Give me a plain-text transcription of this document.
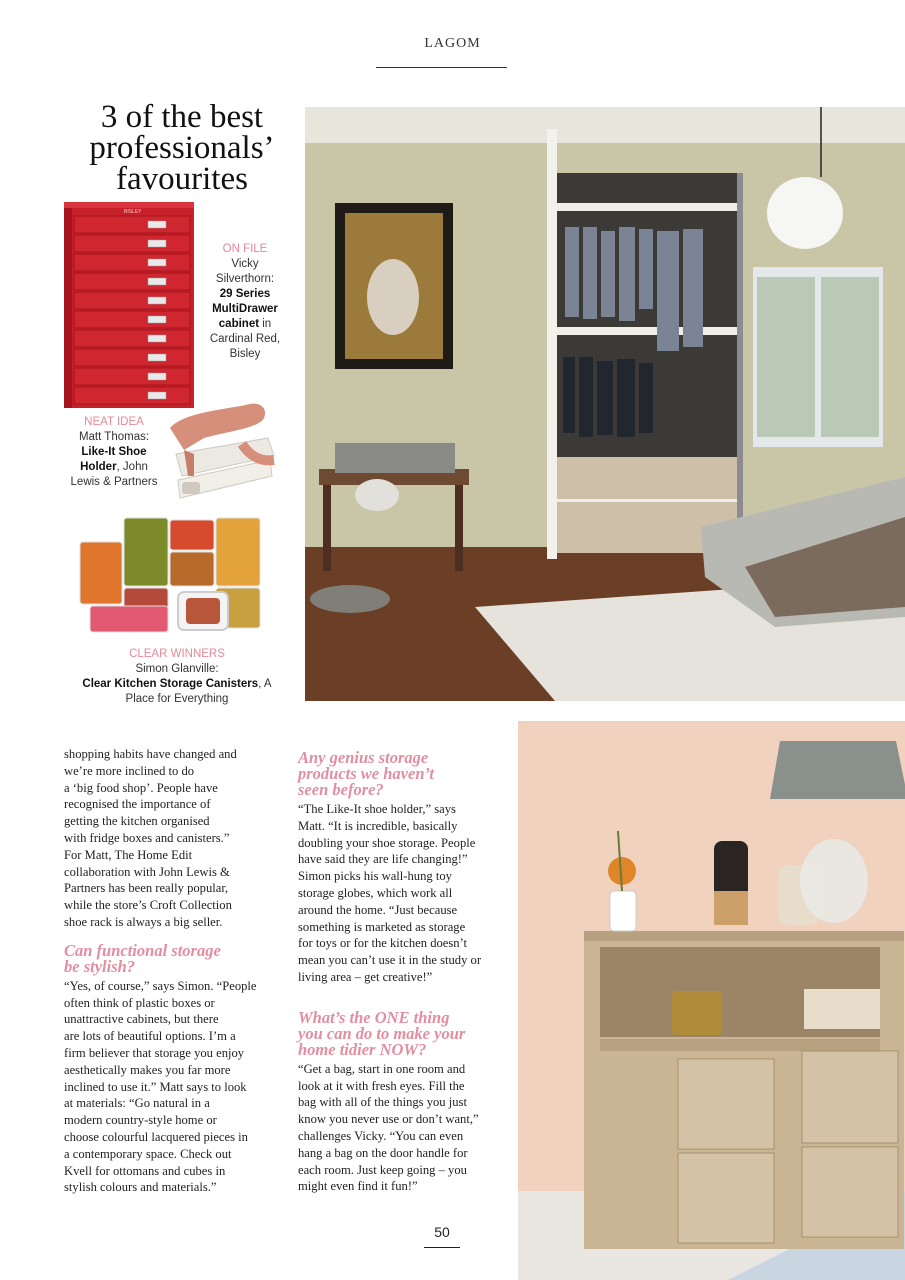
LAGOM
3 of the best
professionals’
favourites
BISLEY
ON FILE
Vicky
Silverthorn:
29 Series
MultiDrawer
cabinet in
Cardinal Red,
Bisley
NEAT IDEA
Matt Thomas:
Like-It Shoe
Holder, John
Lewis & Partners
CLEAR WINNERS
Simon Glanville:
Clear Kitchen Storage Canisters, A
Place for Everything
shopping habits have changed and
we’re more inclined to do
a ‘big food shop’. People have
recognised the importance of
getting the kitchen organised
with fridge boxes and canisters.”
For Matt, The Home Edit
collaboration with John Lewis &
Partners has been really popular,
while the store’s Croft Collection
shoe rack is always a big seller.
Can functional storage
be stylish?
“Yes, of course,” says Simon. “People
often think of plastic boxes or
unattractive cabinets, but there
are lots of beautiful options. I’m a
firm believer that storage you enjoy
aesthetically makes you far more
inclined to use it.” Matt says to look
at materials: “Go natural in a
modern country-style home or
choose colourful lacquered pieces in
a contemporary space. Check out
Kvell for ottomans and cubes in
stylish colours and materials.”
Any genius storage
products we haven’t
seen before?
“The Like-It shoe holder,” says
Matt. “It is incredible, basically
doubling your shoe storage. People
have said they are life changing!”
Simon picks his wall-hung toy
storage globes, which work all
around the home. “Just because
something is marketed as storage
for toys or for the kitchen doesn’t
mean you can’t use it in the study or
living area – get creative!”
What’s the ONE thing
you can do to make your
home tidier NOW?
“Get a bag, start in one room and
look at it with fresh eyes. Fill the
bag with all of the things you just
know you never use or don’t want,”
challenges Vicky. “You can even
hang a bag on the door handle for
each room. Just keep going – you
might even find it fun!”
50
